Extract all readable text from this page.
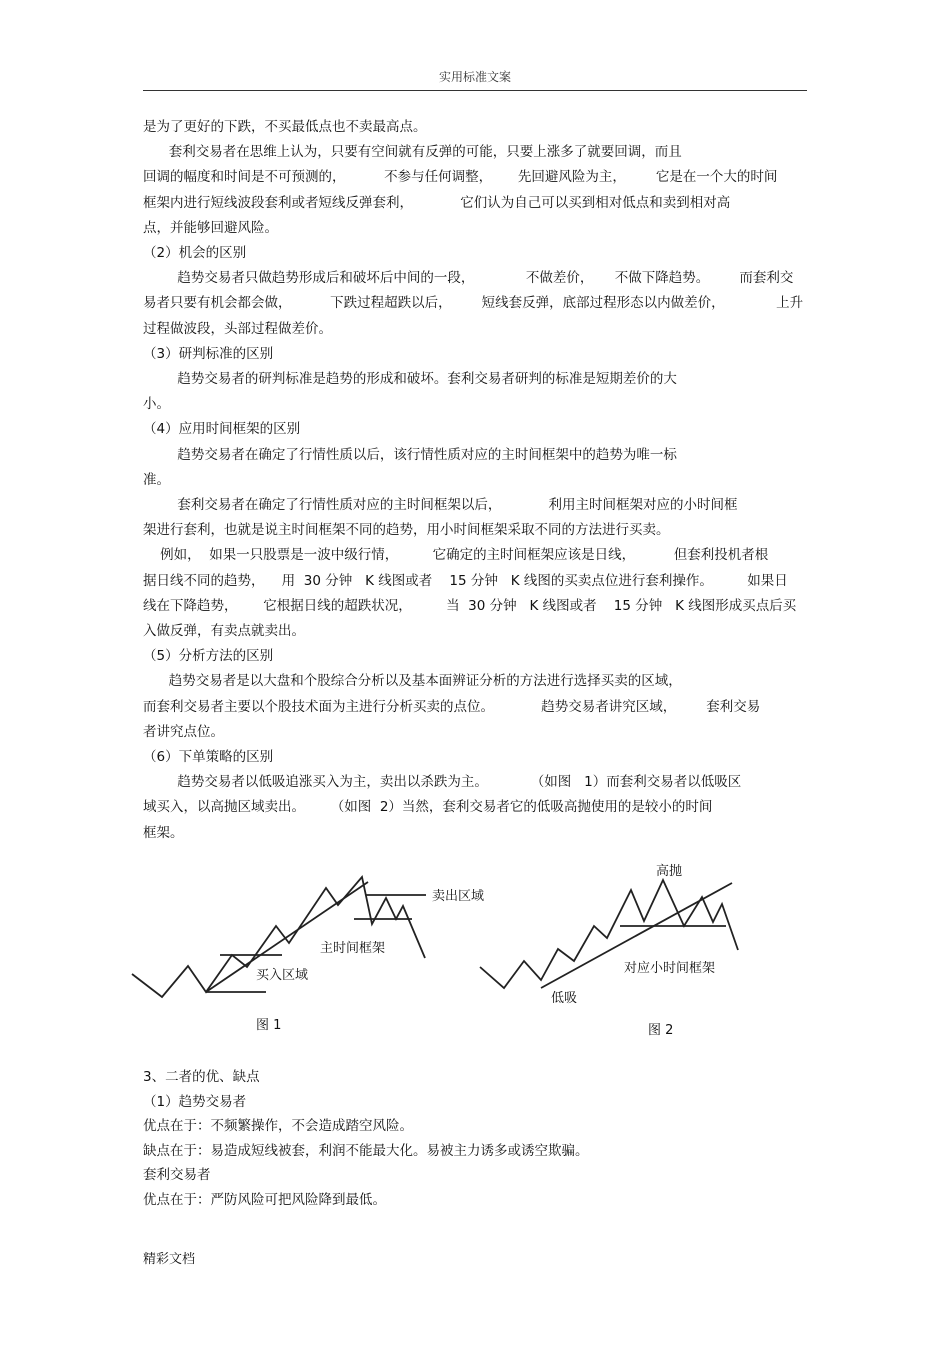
实用标准文案
是为了更好的下跌，不买最低点也不卖最高点。
套利交易者在思维上认为，只要有空间就有反弹的可能，只要上涨多了就要回调，而且
回调的幅度和时间是不可预测的，         不参与任何调整，      先回避风险为主，       它是在一个大的时间
框架内进行短线波段套利或者短线反弹套利，           它们认为自己可以买到相对低点和卖到相对高
点，并能够回避风险。
（2）机会的区别
趋势交易者只做趋势形成后和破坏后中间的一段，            不做差价，     不做下降趋势。       而套利交
易者只要有机会都会做，         下跌过程超跌以后，       短线套反弹，底部过程形态以内做差价，            上升
过程做波段，头部过程做差价。
（3）研判标准的区别
趋势交易者的研判标准是趋势的形成和破坏。套利交易者研判的标准是短期差价的大
小。
（4）应用时间框架的区别
趋势交易者在确定了行情性质以后，该行情性质对应的主时间框架中的趋势为唯一标
准。
套利交易者在确定了行情性质对应的主时间框架以后，           利用主时间框架对应的小时间框
架进行套利，也就是说主时间框架不同的趋势，用小时间框架采取不同的方法进行买卖。
例如，  如果一只股票是一波中级行情，        它确定的主时间框架应该是日线，         但套利投机者根
据日线不同的趋势，    用  30 分钟   K 线图或者    15 分钟   K 线图的买卖点位进行套利操作。        如果日
线在下降趋势，      它根据日线的超跌状况，        当  30 分钟   K 线图或者    15 分钟   K 线图形成买点后买
入做反弹，有卖点就卖出。
（5）分析方法的区别
趋势交易者是以大盘和个股综合分析以及基本面辨证分析的方法进行选择买卖的区域，
而套利交易者主要以个股技术面为主进行分析买卖的点位。           趋势交易者讲究区域，       套利交易
者讲究点位。
（6）下单策略的区别
趋势交易者以低吸追涨买入为主，卖出以杀跌为主。          （如图   1）而套利交易者以低吸区
域买入，以高抛区域卖出。      （如图  2）当然，套利交易者它的低吸高抛使用的是较小的时间
框架。
3、二者的优、缺点
（1）趋势交易者
优点在于：不频繁操作，不会造成踏空风险。
缺点在于：易造成短线被套，利润不能最大化。易被主力诱多或诱空欺骗。
套利交易者
优点在于：严防风险可把风险降到最低。
卖出区域
主时间框架
买入区域
高抛
对应小时间框架
低吸
图 1	图 2
精彩文档
